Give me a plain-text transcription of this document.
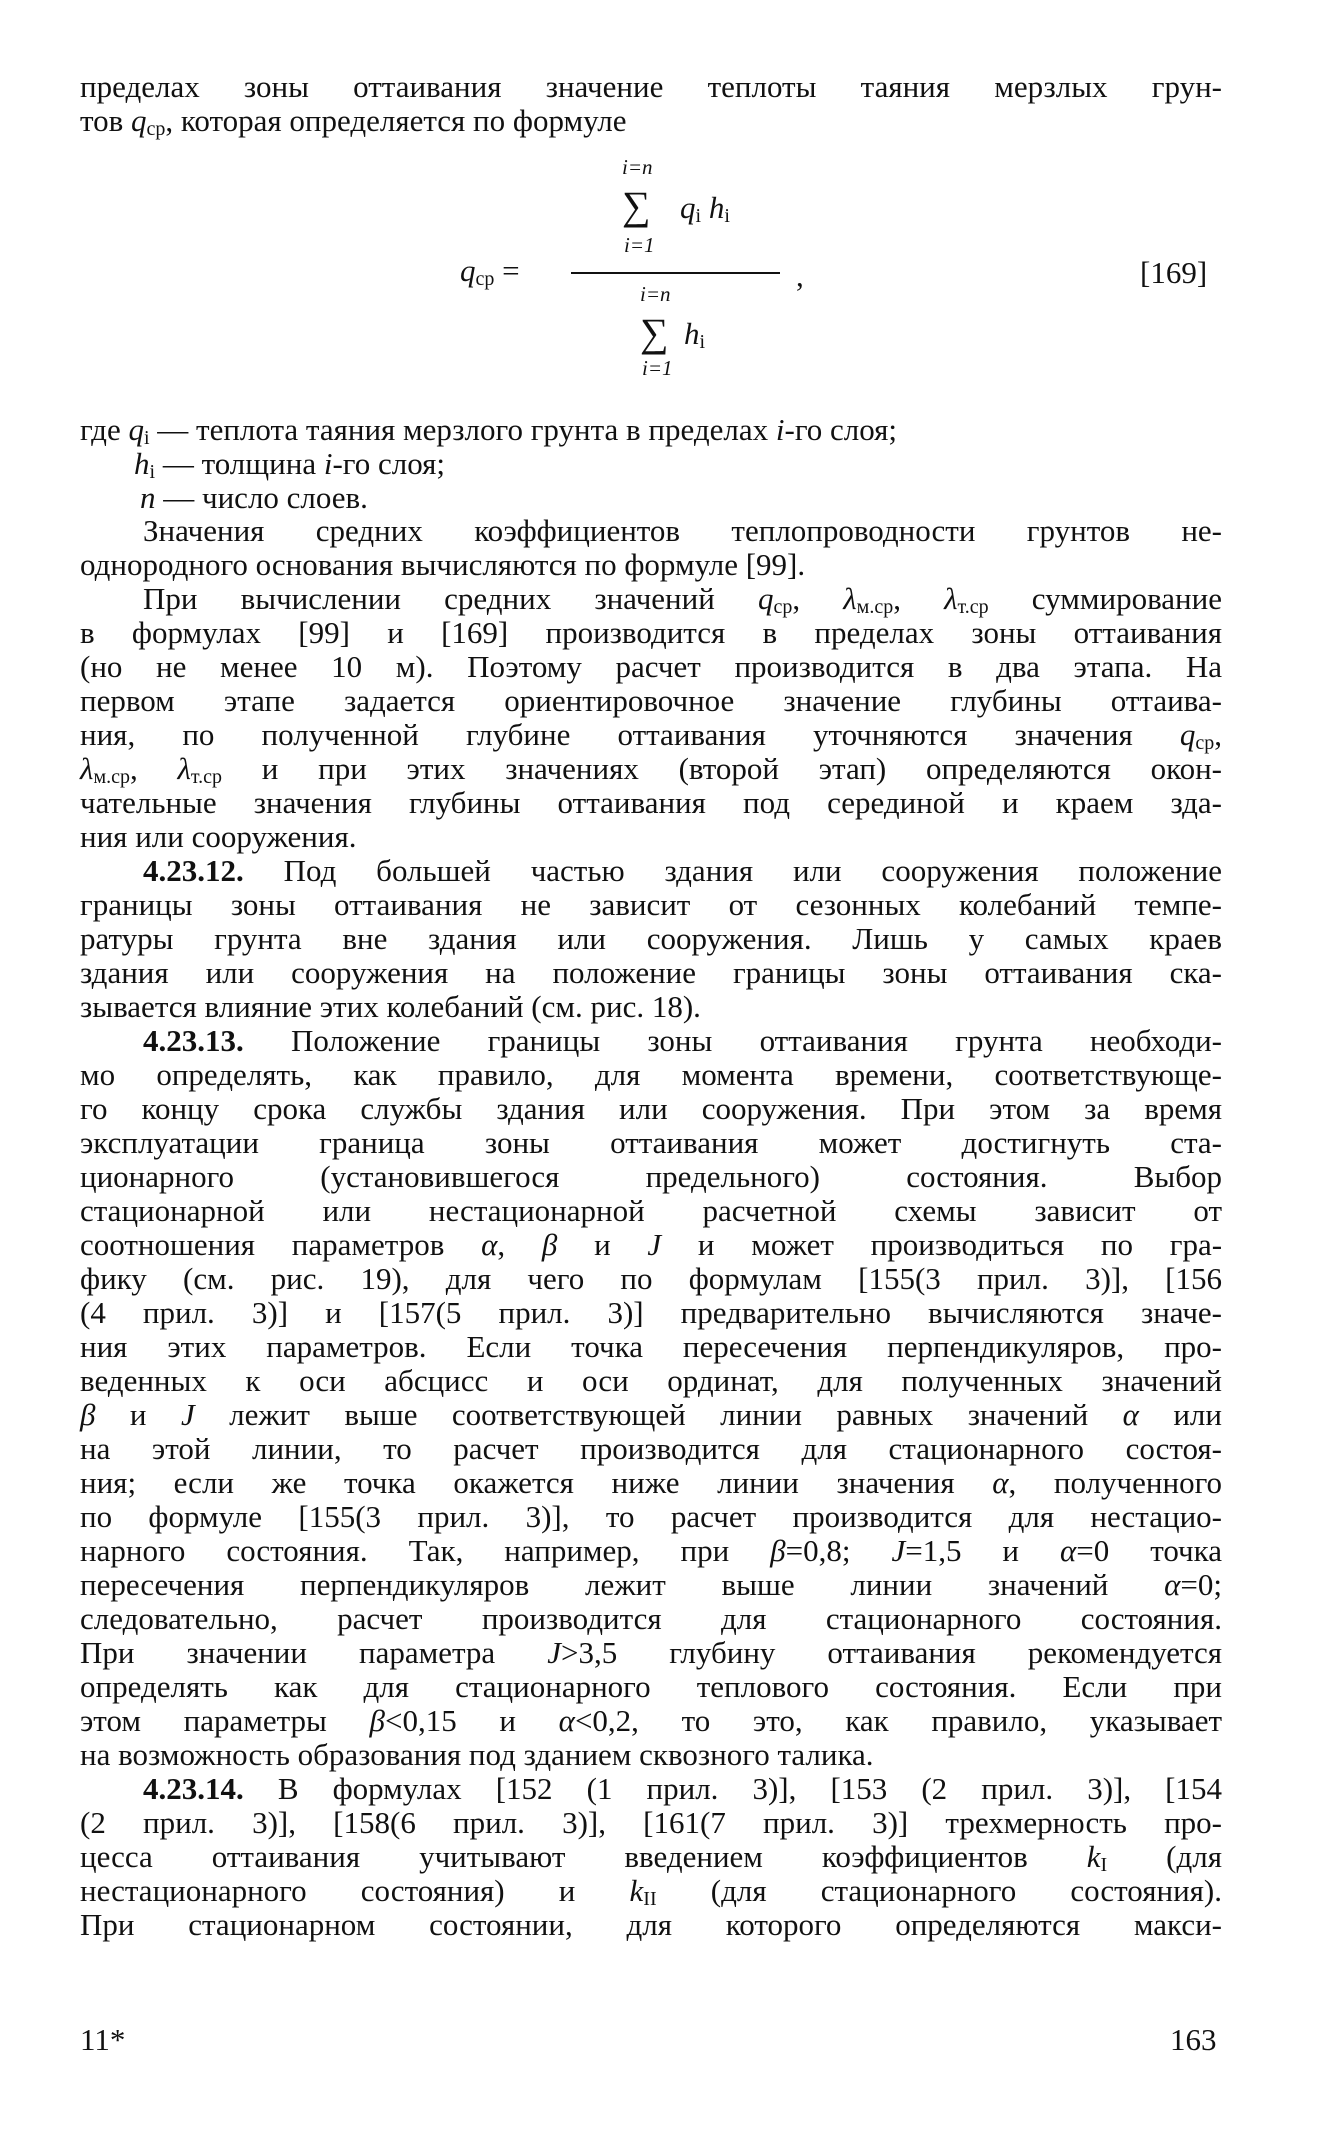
пределах зоны оттаивания значение теплоты таяния мерзлых грун-
тов qср, которая определяется по формуле
qср =
i=n
∑ qi hi
i=1
i=n
∑ hi
i=1
,	[169]
где qi — теплота таяния мерзлого грунта в пределах i-го слоя;
hi — толщина i-го слоя;
n — число слоев.
Значения средних коэффициентов теплопроводности грунтов не-
однородного основания вычисляются по формуле [99].
При вычислении средних значений qср, λм.ср, λт.ср суммирование
в формулах [99] и [169] производится в пределах зоны оттаивания
(но не менее 10 м). Поэтому расчет производится в два этапа. На
первом этапе задается ориентировочное значение глубины оттаива-
ния, по полученной глубине оттаивания уточняются значения qср,
λм.ср, λт.ср и при этих значениях (второй этап) определяются окон-
чательные значения глубины оттаивания под серединой и краем зда-
ния или сооружения.
4.23.12. Под большей частью здания или сооружения положение
границы зоны оттаивания не зависит от сезонных колебаний темпе-
ратуры грунта вне здания или сооружения. Лишь у самых краев
здания или сооружения на положение границы зоны оттаивания ска-
зывается влияние этих колебаний (см. рис. 18).
4.23.13. Положение границы зоны оттаивания грунта необходи-
мо определять, как правило, для момента времени, соответствующе-
го концу срока службы здания или сооружения. При этом за время
эксплуатации граница зоны оттаивания может достигнуть ста-
ционарного (установившегося предельного) состояния. Выбор
стационарной или нестационарной расчетной схемы зависит от
соотношения параметров α, β и J и может производиться по гра-
фику (см. рис. 19), для чего по формулам [155(3 прил. 3)], [156
(4 прил. 3)] и [157(5 прил. 3)] предварительно вычисляются значе-
ния этих параметров. Если точка пересечения перпендикуляров, про-
веденных к оси абсцисс и оси ординат, для полученных значений
β и J лежит выше соответствующей линии равных значений α или
на этой линии, то расчет производится для стационарного состоя-
ния; если же точка окажется ниже линии значения α, полученного
по формуле [155(3 прил. 3)], то расчет производится для нестацио-
нарного состояния. Так, например, при β=0,8; J=1,5 и α=0 точка
пересечения перпендикуляров лежит выше линии значений α=0;
следовательно, расчет производится для стационарного состояния.
При значении параметра J>3,5 глубину оттаивания рекомендуется
определять как для стационарного теплового состояния. Если при
этом параметры β<0,15 и α<0,2, то это, как правило, указывает
на возможность образования под зданием сквозного талика.
4.23.14. В формулах [152 (1 прил. 3)], [153 (2 прил. 3)], [154
(2 прил. 3)], [158(6 прил. 3)], [161(7 прил. 3)] трехмерность про-
цесса оттаивания учитывают введением коэффициентов kI (для
нестационарного состояния) и kII (для стационарного состояния).
При стационарном состоянии, для которого определяются макси-
11*	163
